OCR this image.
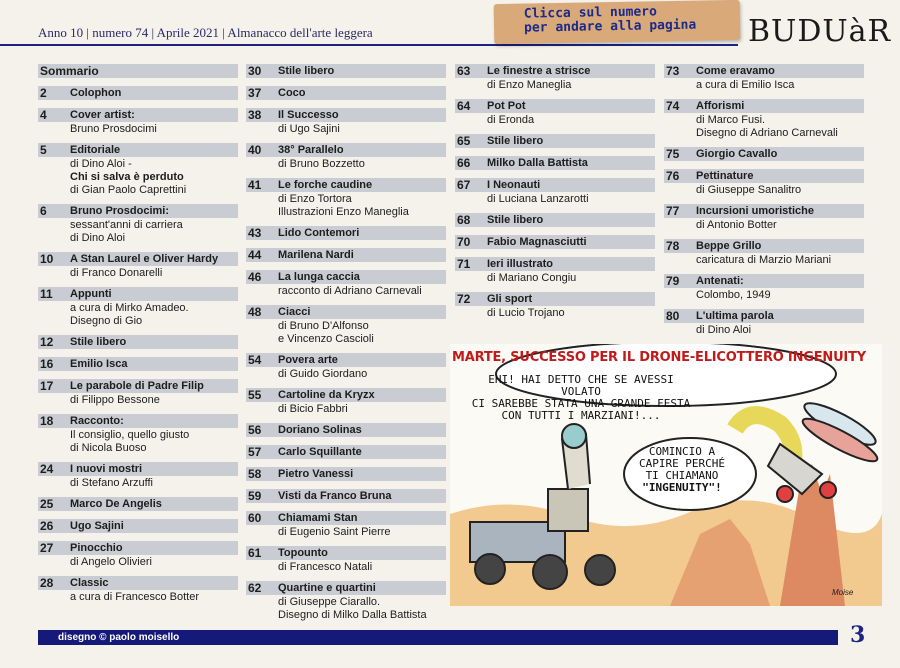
Anno 10 | numero 74 | Aprile 2021 | Almanacco dell'arte leggera
Clicca sul numero
per andare alla pagina	BUDUàR
Sommario
2	Colophon
4	Cover artist:
Bruno Prosdocimi
5	Editoriale
di Dino Aloi -
Chi si salva è perduto
di Gian Paolo Caprettini
6	Bruno Prosdocimi:
sessant'anni di carriera
di Dino Aloi
10	A Stan Laurel e Oliver Hardy
di Franco Donarelli
11	Appunti
a cura di Mirko Amadeo.
Disegno di Gio
12	Stile libero
16	Emilio Isca
17	Le parabole di Padre Filip
di Filippo Bessone
18	Racconto:
Il consiglio, quello giusto
di Nicola Buoso
24	I nuovi mostri
di Stefano Arzuffi
25	Marco De Angelis
26	Ugo Sajini
27	Pinocchio
di Angelo Olivieri
28	Classic
a cura di Francesco Botter
30	Stile libero
37	Coco
38	Il Successo
di Ugo Sajini
40	38° Parallelo
di Bruno Bozzetto
41	Le forche caudine
di Enzo Tortora
Illustrazioni Enzo Maneglia
43	Lido Contemori
44	Marilena Nardi
46	La lunga caccia
racconto di Adriano Carnevali
48	Ciacci
di Bruno D'Alfonso
e Vincenzo Cascioli
54	Povera arte
di Guido Giordano
55	Cartoline da Kryzx
di Bicio Fabbri
56	Doriano Solinas
57	Carlo Squillante
58	Pietro Vanessi
59	Visti da Franco Bruna
60	Chiamami Stan
di Eugenio Saint Pierre
61	Topounto
di Francesco Natali
62	Quartine e quartini
di Giuseppe Ciarallo.
Disegno di Milko Dalla Battista
63	Le finestre a strisce
di Enzo Maneglia
64	Pot Pot
di Eronda
65	Stile libero
66	Milko Dalla Battista
67	I Neonauti
di Luciana Lanzarotti
68	Stile libero
70	Fabio Magnasciutti
71	Ieri illustrato
di Mariano Congiu
72	Gli sport
di Lucio Trojano
73	Come eravamo
a cura di Emilio Isca
74	Afforismi
di Marco Fusi.
Disegno di Adriano Carnevali
75	Giorgio Cavallo
76	Pettinature
di Giuseppe Sanalitro
77	Incursioni umoristiche
di Antonio Botter
78	Beppe Grillo
caricatura di Marzio Mariani
79	Antenati:
Colombo, 1949
80	L'ultima parola
di Dino Aloi
MARTE, SUCCESSO PER IL DRONE-ELICOTTERO INGENUITY
EHI! HAI DETTO CHE SE AVESSI VOLATO
CI SAREBBE STATA UNA GRANDE FESTA
CON TUTTI I MARZIANI!...
COMINCIO A
CAPIRE PERCHÉ
TI CHIAMANO
"INGENUITY"!
Moise
disegno © paolo moisello	3
